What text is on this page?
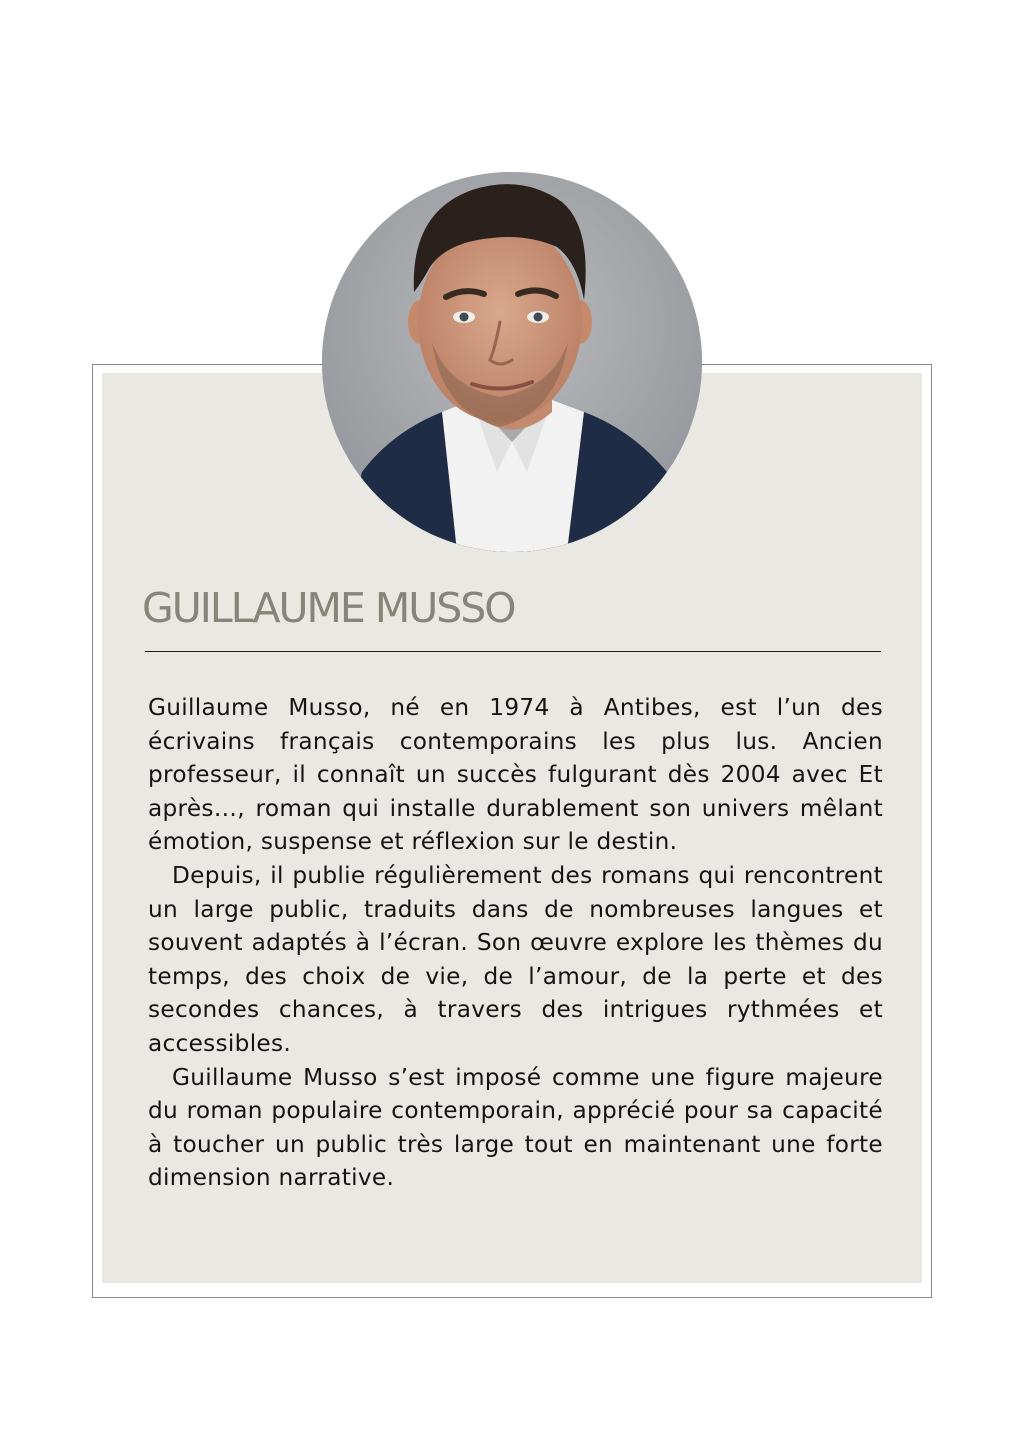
GUILLAUME MUSSO

Guillaume Musso, né en 1974 à Antibes, est l’un des écrivains français contemporains les plus lus. Ancien professeur, il connaît un succès fulgurant dès 2004 avec Et après…, roman qui installe durablement son univers mêlant émotion, suspense et réflexion sur le destin.

Depuis, il publie régulièrement des romans qui rencontrent un large public, traduits dans de nombreuses langues et souvent adaptés à l’écran. Son œuvre explore les thèmes du temps, des choix de vie, de l’amour, de la perte et des secondes chances, à travers des intrigues rythmées et accessibles.

Guillaume Musso s’est imposé comme une figure majeure du roman populaire contemporain, apprécié pour sa capacité à toucher un public très large tout en maintenant une forte dimension narrative.
